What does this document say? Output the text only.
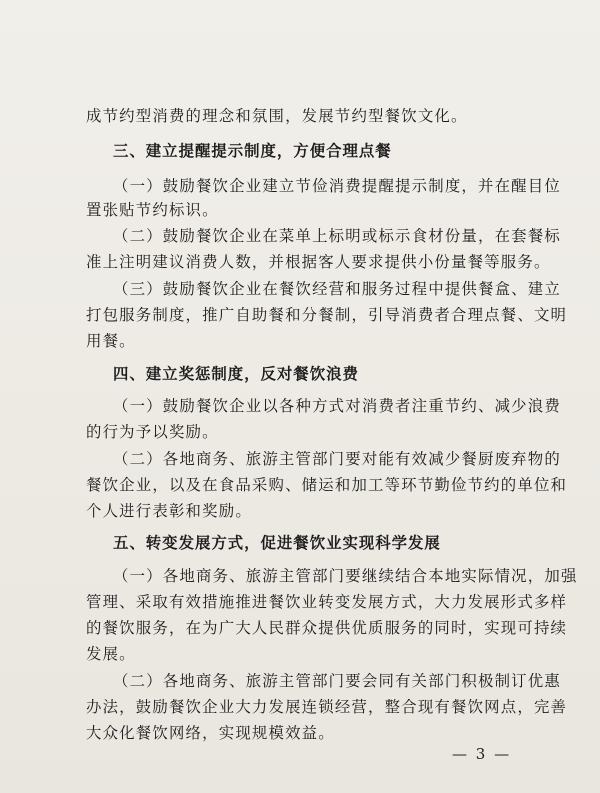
成节约型消费的理念和氛围，发展节约型餐饮文化。
三、建立提醒提示制度，方便合理点餐
（一）鼓励餐饮企业建立节俭消费提醒提示制度，并在醒目位
置张贴节约标识。
（二）鼓励餐饮企业在菜单上标明或标示食材份量，在套餐标
准上注明建议消费人数，并根据客人要求提供小份量餐等服务。
（三）鼓励餐饮企业在餐饮经营和服务过程中提供餐盒、建立
打包服务制度，推广自助餐和分餐制，引导消费者合理点餐、文明
用餐。
四、建立奖惩制度，反对餐饮浪费
（一）鼓励餐饮企业以各种方式对消费者注重节约、减少浪费
的行为予以奖励。
（二）各地商务、旅游主管部门要对能有效减少餐厨废弃物的
餐饮企业，以及在食品采购、储运和加工等环节勤俭节约的单位和
个人进行表彰和奖励。
五、转变发展方式，促进餐饮业实现科学发展
（一）各地商务、旅游主管部门要继续结合本地实际情况，加强
管理、采取有效措施推进餐饮业转变发展方式，大力发展形式多样
的餐饮服务，在为广大人民群众提供优质服务的同时，实现可持续
发展。
（二）各地商务、旅游主管部门要会同有关部门积极制订优惠
办法，鼓励餐饮企业大力发展连锁经营，整合现有餐饮网点，完善
大众化餐饮网络，实现规模效益。
— 3 —
